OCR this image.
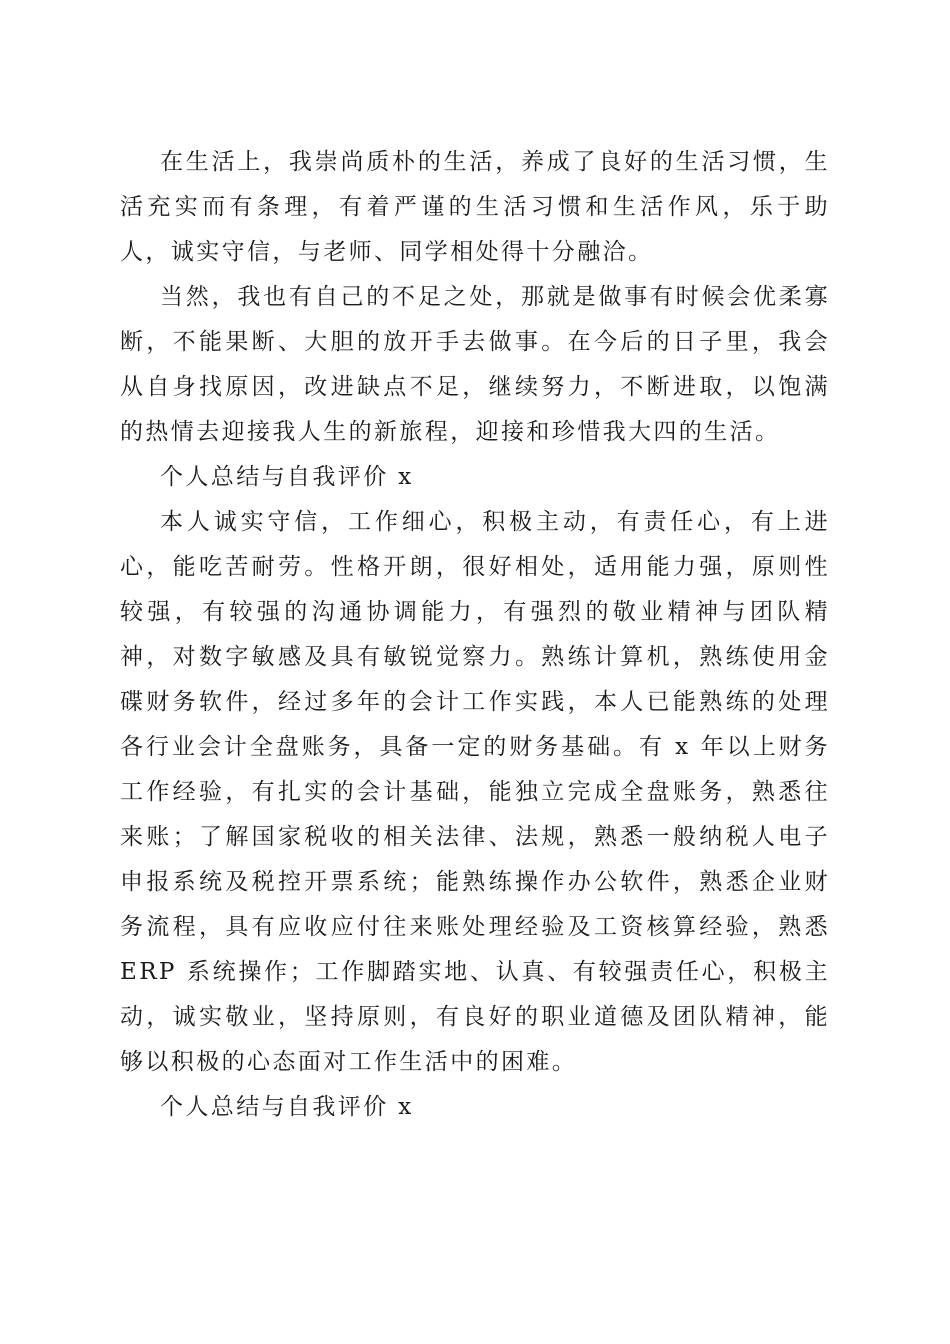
在生活上，我崇尚质朴的生活，养成了良好的生活习惯，生活充实而有条理，有着严谨的生活习惯和生活作风，乐于助人，诚实守信，与老师、同学相处得十分融洽。

当然，我也有自己的不足之处，那就是做事有时候会优柔寡断，不能果断、大胆的放开手去做事。在今后的日子里，我会从自身找原因，改进缺点不足，继续努力，不断进取，以饱满的热情去迎接我人生的新旅程，迎接和珍惜我大四的生活。

个人总结与自我评价 x

本人诚实守信，工作细心，积极主动，有责任心，有上进心，能吃苦耐劳。性格开朗，很好相处，适用能力强，原则性较强，有较强的沟通协调能力，有强烈的敬业精神与团队精神，对数字敏感及具有敏锐觉察力。熟练计算机，熟练使用金碟财务软件，经过多年的会计工作实践，本人已能熟练的处理各行业会计全盘账务，具备一定的财务基础。有 x 年以上财务工作经验，有扎实的会计基础，能独立完成全盘账务，熟悉往来账；了解国家税收的相关法律、法规，熟悉一般纳税人电子申报系统及税控开票系统；能熟练操作办公软件，熟悉企业财务流程，具有应收应付往来账处理经验及工资核算经验，熟悉 ERP 系统操作；工作脚踏实地、认真、有较强责任心，积极主动，诚实敬业，坚持原则，有良好的职业道德及团队精神，能够以积极的心态面对工作生活中的困难。

个人总结与自我评价 x
